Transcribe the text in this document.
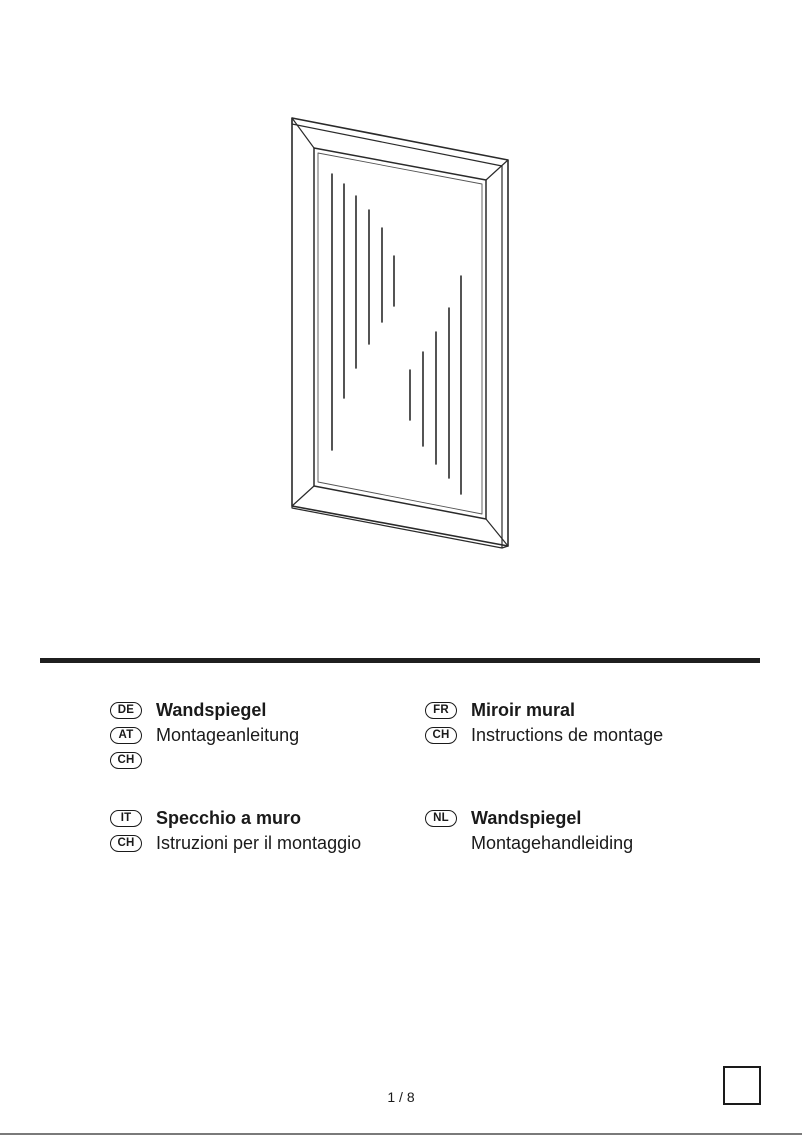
DE	Wandspiegel
AT	Montageanleitung
CH
FR	Miroir mural
CH	Instructions de montage
IT	Specchio a muro
CH	Istruzioni per il montaggio
NL	Wandspiegel
Montagehandleiding
1 / 8
